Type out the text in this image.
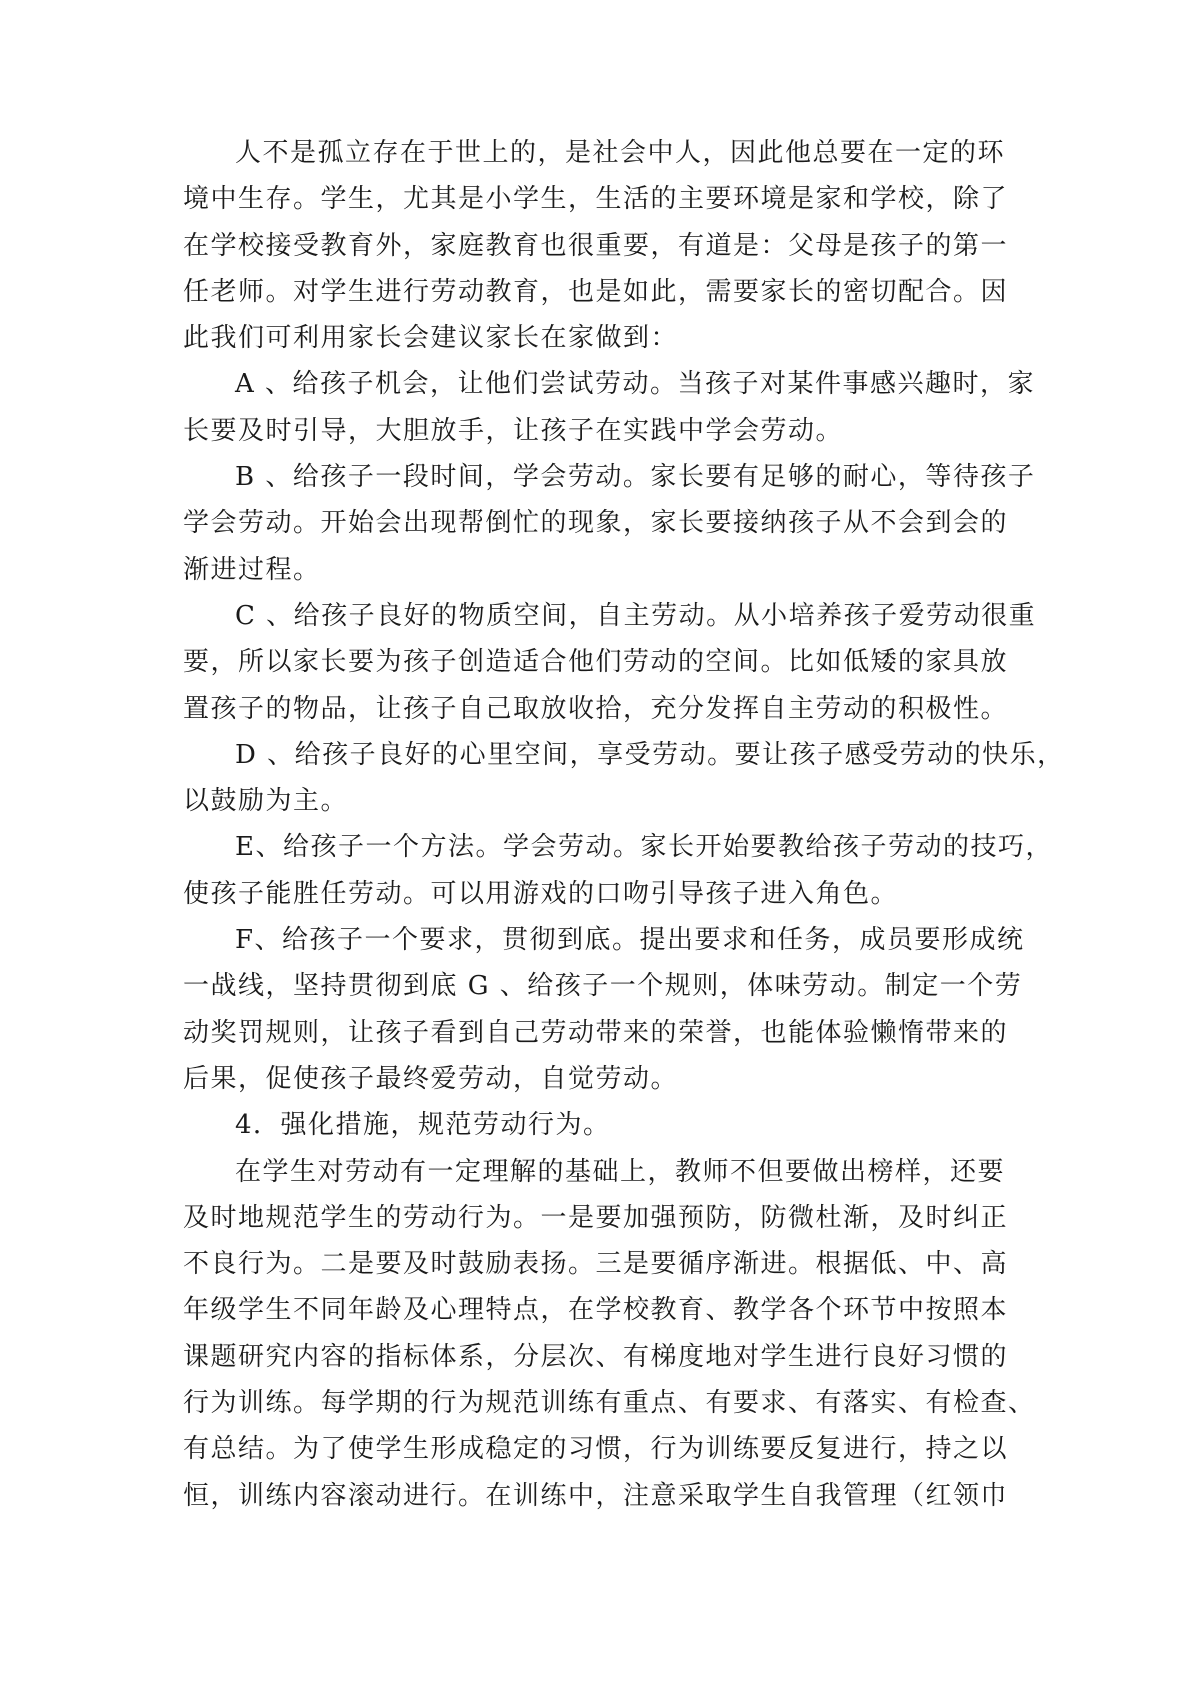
人不是孤立存在于世上的，是社会中人，因此他总要在一定的环
境中生存。学生，尤其是小学生，生活的主要环境是家和学校，除了
在学校接受教育外，家庭教育也很重要，有道是：父母是孩子的第一
任老师。对学生进行劳动教育，也是如此，需要家长的密切配合。因
此我们可利用家长会建议家长在家做到：
A 、给孩子机会，让他们尝试劳动。当孩子对某件事感兴趣时，家
长要及时引导，大胆放手，让孩子在实践中学会劳动。
B 、给孩子一段时间，学会劳动。家长要有足够的耐心，等待孩子
学会劳动。开始会出现帮倒忙的现象，家长要接纳孩子从不会到会的
渐进过程。
C 、给孩子良好的物质空间，自主劳动。从小培养孩子爱劳动很重
要，所以家长要为孩子创造适合他们劳动的空间。比如低矮的家具放
置孩子的物品，让孩子自己取放收拾，充分发挥自主劳动的积极性。
D 、给孩子良好的心里空间，享受劳动。要让孩子感受劳动的快乐，
以鼓励为主。
E、给孩子一个方法。学会劳动。家长开始要教给孩子劳动的技巧，
使孩子能胜任劳动。可以用游戏的口吻引导孩子进入角色。
F、给孩子一个要求，贯彻到底。提出要求和任务，成员要形成统
一战线，坚持贯彻到底 G 、给孩子一个规则，体味劳动。制定一个劳
动奖罚规则，让孩子看到自己劳动带来的荣誉，也能体验懒惰带来的
后果，促使孩子最终爱劳动，自觉劳动。
4．强化措施，规范劳动行为。
在学生对劳动有一定理解的基础上，教师不但要做出榜样，还要
及时地规范学生的劳动行为。一是要加强预防，防微杜渐，及时纠正
不良行为。二是要及时鼓励表扬。三是要循序渐进。根据低、中、高
年级学生不同年龄及心理特点，在学校教育、教学各个环节中按照本
课题研究内容的指标体系，分层次、有梯度地对学生进行良好习惯的
行为训练。每学期的行为规范训练有重点、有要求、有落实、有检查、
有总结。为了使学生形成稳定的习惯，行为训练要反复进行，持之以
恒，训练内容滚动进行。在训练中，注意采取学生自我管理（红领巾
